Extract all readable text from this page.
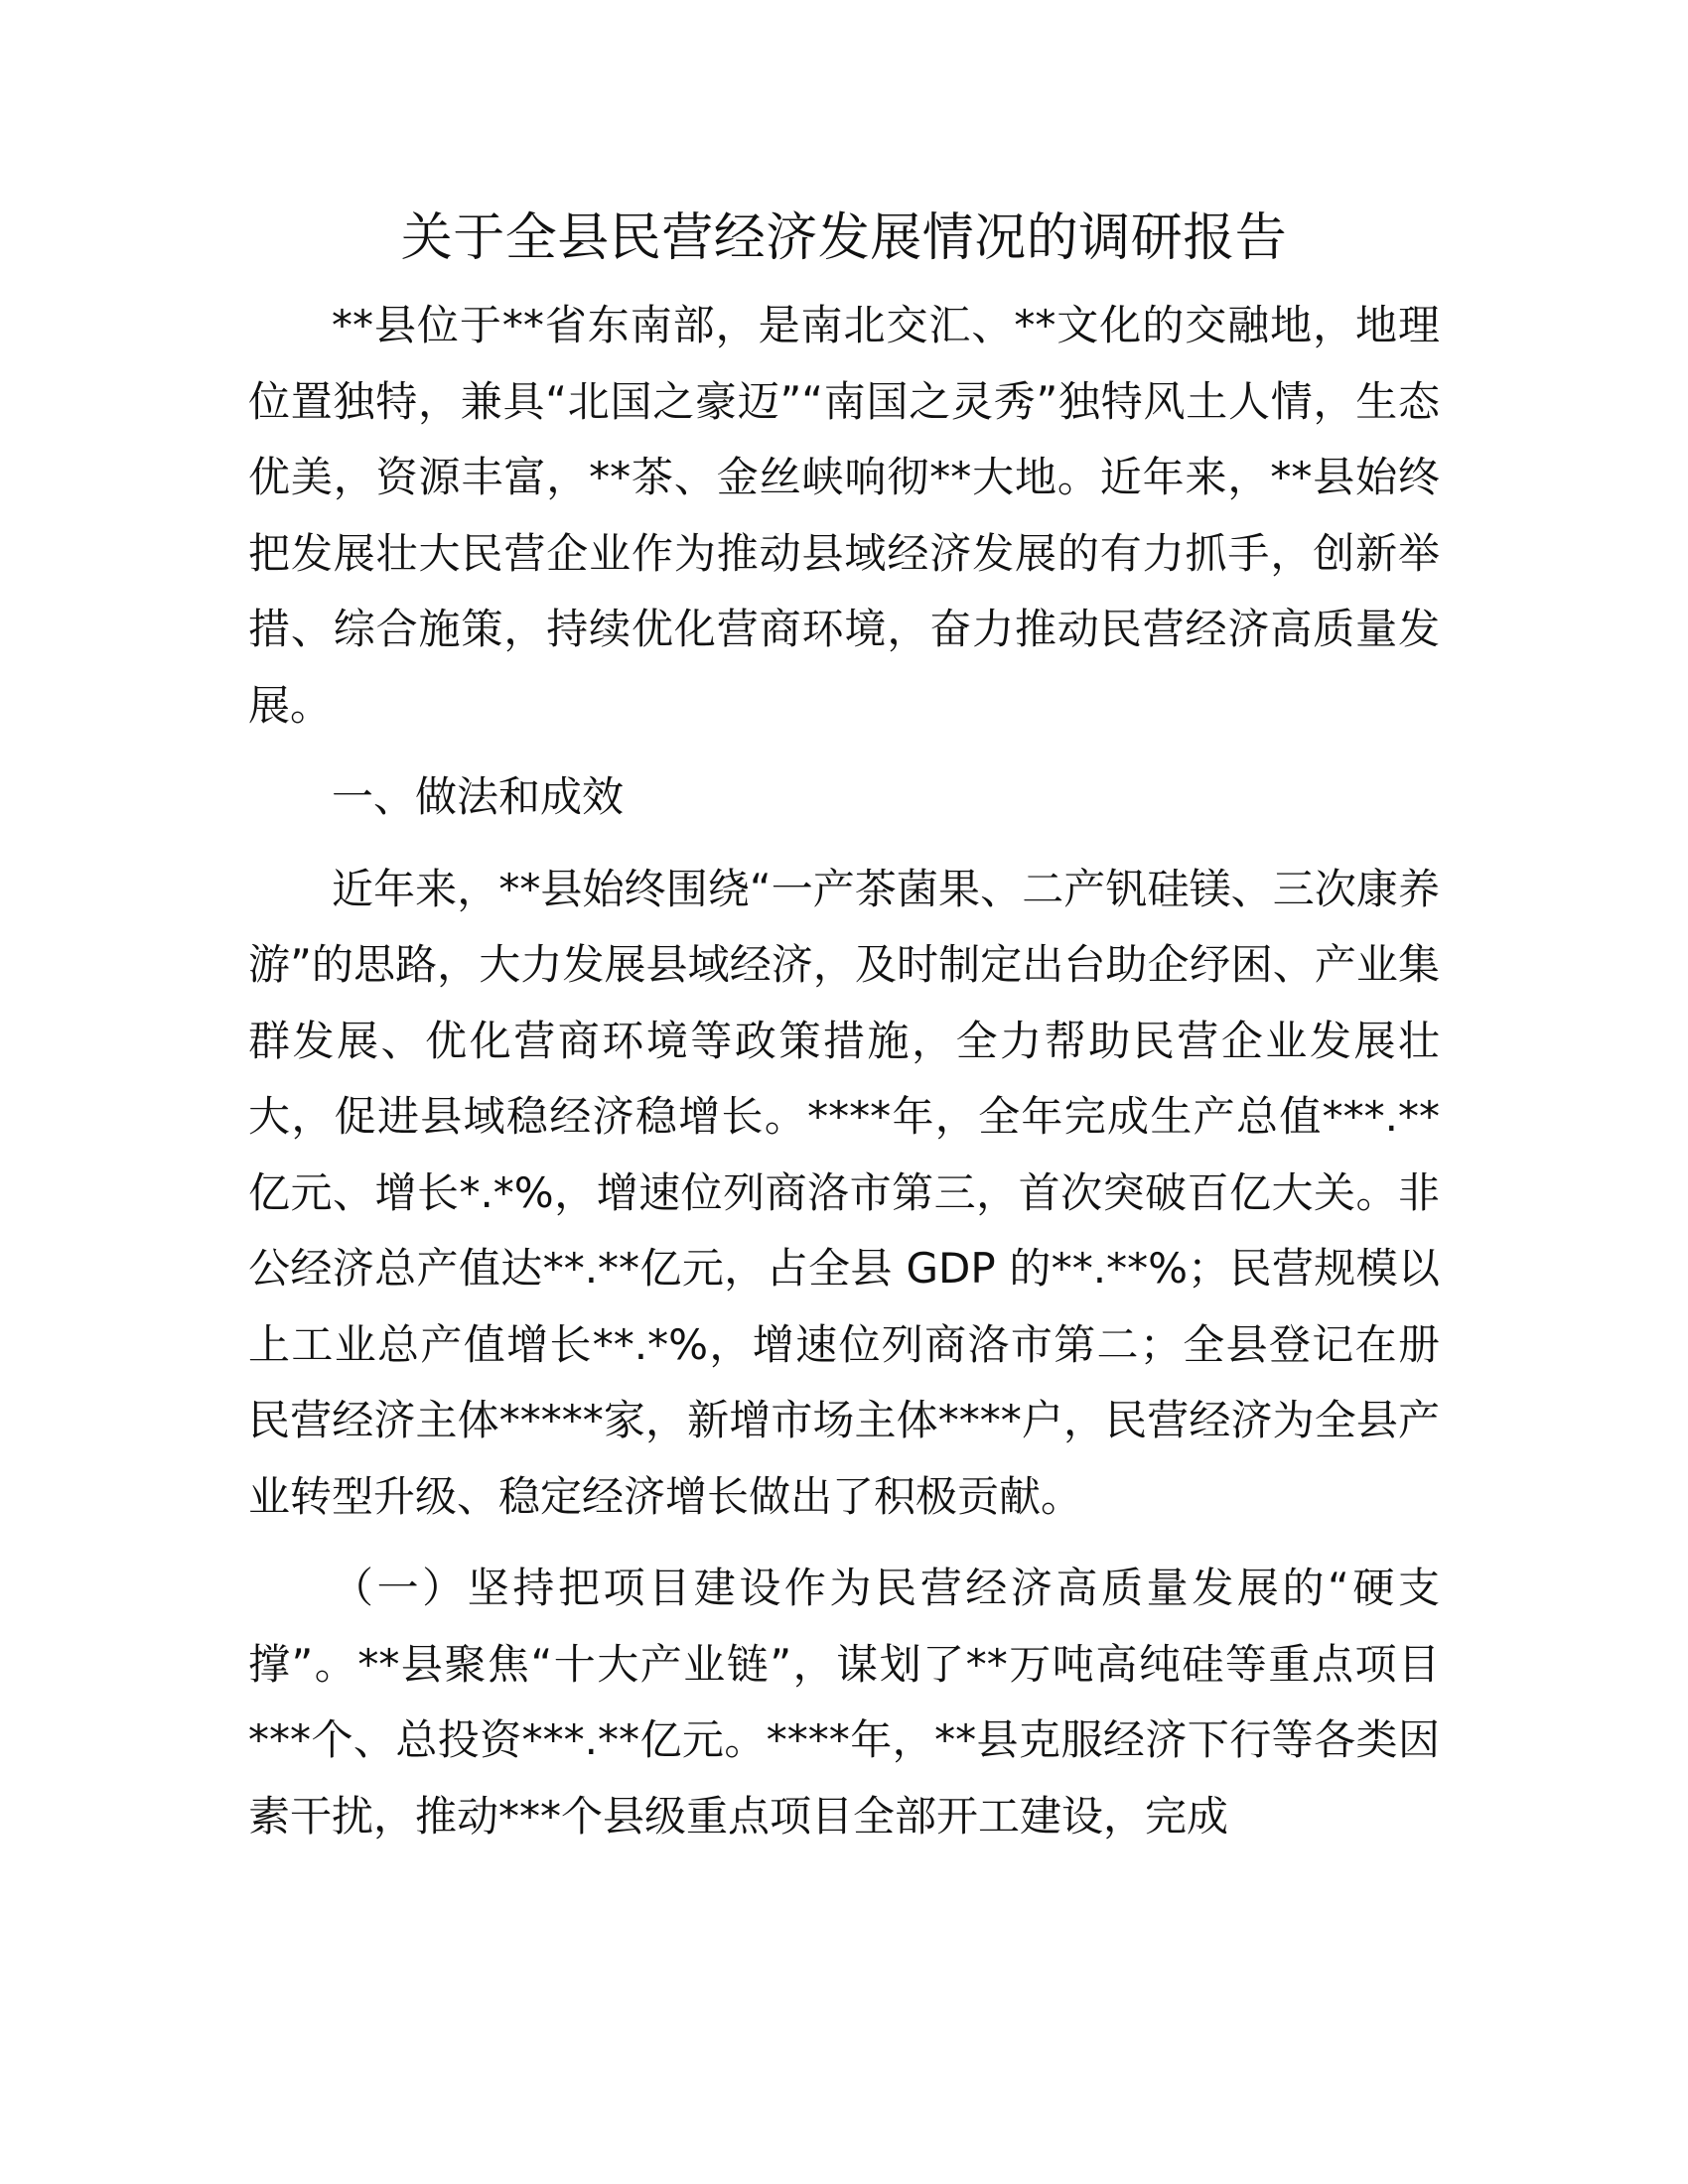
关于全县民营经济发展情况的调研报告

**县位于**省东南部，是南北交汇、**文化的交融地，地理位置独特，兼具“北国之豪迈”“南国之灵秀”独特风土人情，生态优美，资源丰富，**茶、金丝峡响彻**大地。近年来，**县始终把发展壮大民营企业作为推动县域经济发展的有力抓手，创新举措、综合施策，持续优化营商环境，奋力推动民营经济高质量发展。

一、做法和成效

近年来，**县始终围绕“一产茶菌果、二产钒硅镁、三次康养游”的思路，大力发展县域经济，及时制定出台助企纾困、产业集群发展、优化营商环境等政策措施，全力帮助民营企业发展壮大，促进县域稳经济稳增长。****年，全年完成生产总值***.**亿元、增长*.*%，增速位列商洛市第三，首次突破百亿大关。非公经济总产值达**.**亿元，占全县 GDP 的**.**%；民营规模以上工业总产值增长**.*%，增速位列商洛市第二；全县登记在册民营经济主体*****家，新增市场主体****户，民营经济为全县产业转型升级、稳定经济增长做出了积极贡献。

（一）坚持把项目建设作为民营经济高质量发展的“硬支撑”。**县聚焦“十大产业链”，谋划了**万吨高纯硅等重点项目***个、总投资***.**亿元。****年，**县克服经济下行等各类因素干扰，推动***个县级重点项目全部开工建设，完成
